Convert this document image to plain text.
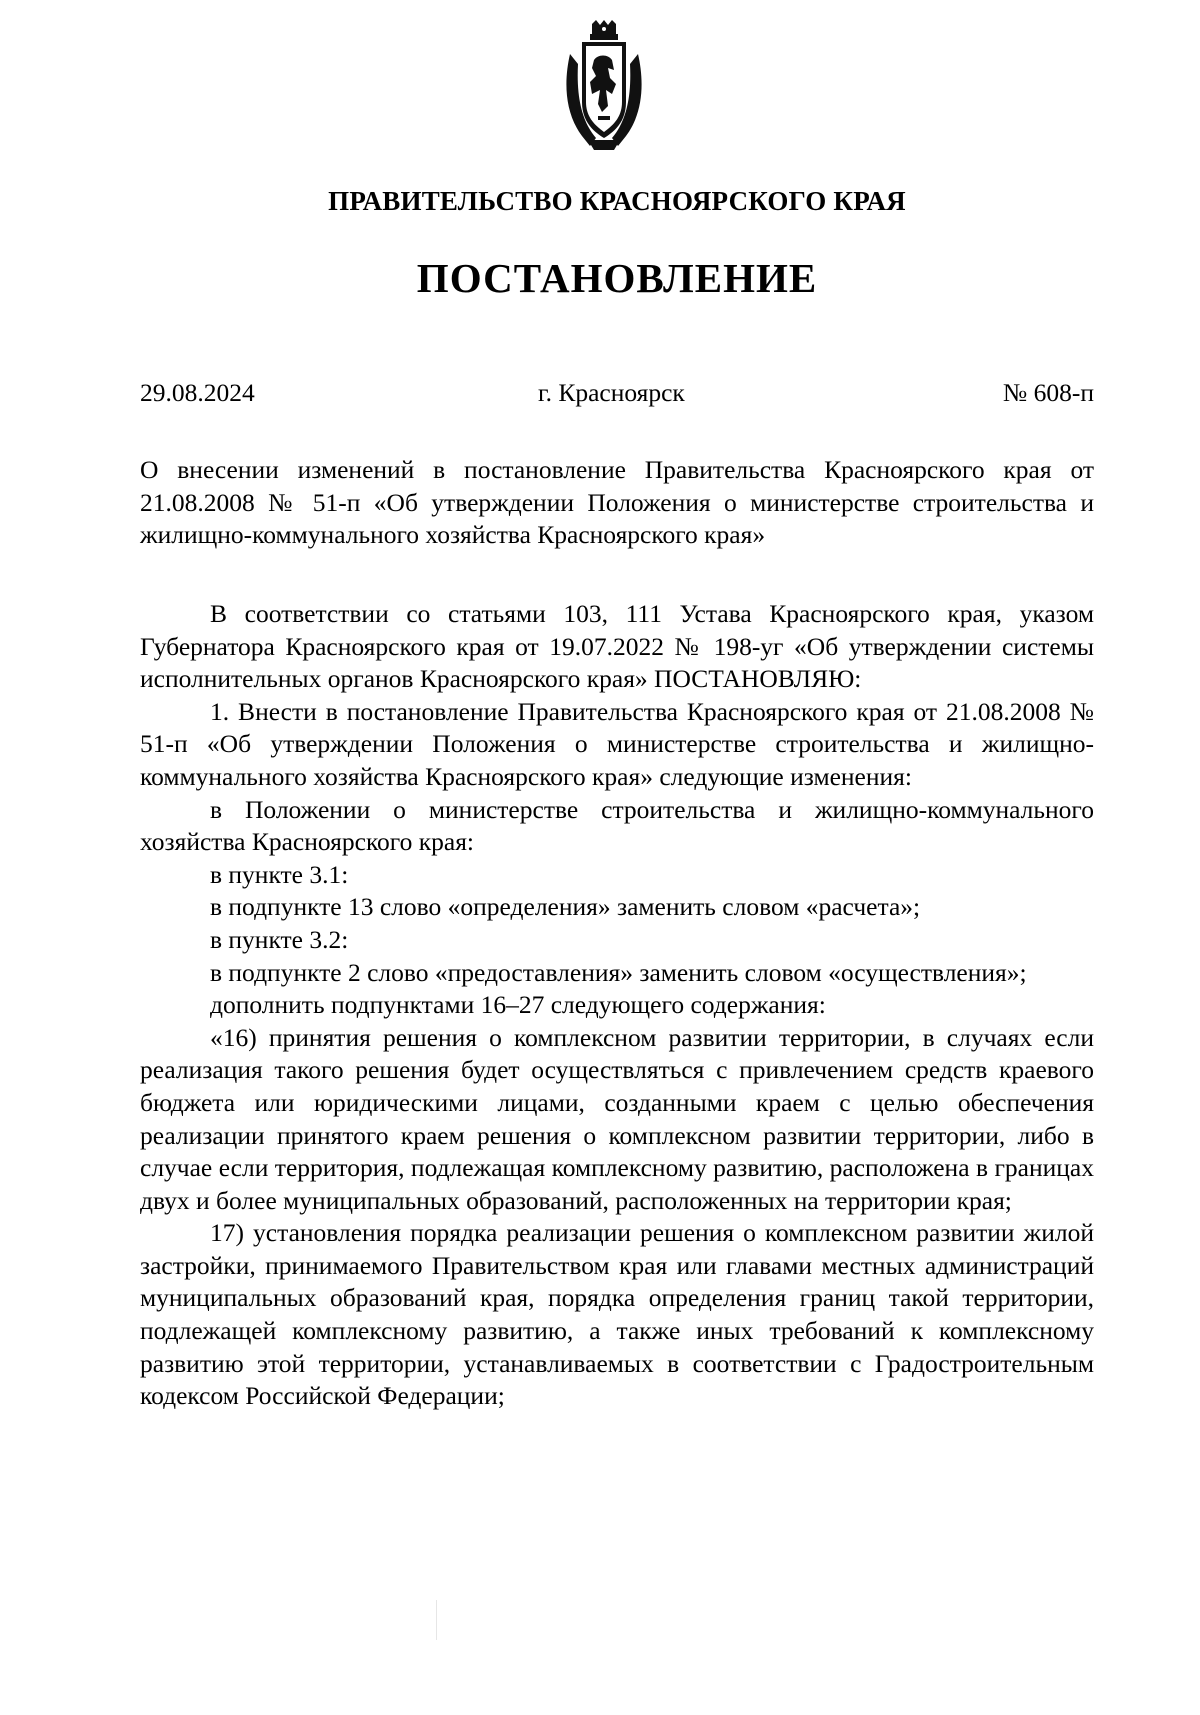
ПРАВИТЕЛЬСТВО КРАСНОЯРСКОГО КРАЯ
ПОСТАНОВЛЕНИЕ
29.08.2024	г. Красноярск	№ 608-п

О внесении изменений в постановление Правительства Красноярского края от 21.08.2008 № 51-п «Об утверждении Положения о министерстве строительства и жилищно-коммунального хозяйства Красноярского края»

В соответствии со статьями 103, 111 Устава Красноярского края, указом Губернатора Красноярского края от 19.07.2022 № 198-уг «Об утверждении системы исполнительных органов Красноярского края» ПОСТАНОВЛЯЮ:

1. Внести в постановление Правительства Красноярского края от 21.08.2008 № 51-п «Об утверждении Положения о министерстве строительства и жилищно-коммунального хозяйства Красноярского края» следующие изменения:

в Положении о министерстве строительства и жилищно-коммунального хозяйства Красноярского края:

в пункте 3.1:

в подпункте 13 слово «определения» заменить словом «расчета»;

в пункте 3.2:

в подпункте 2 слово «предоставления» заменить словом «осуществления»;

дополнить подпунктами 16–27 следующего содержания:

«16) принятия решения о комплексном развитии территории, в случаях если реализация такого решения будет осуществляться с привлечением средств краевого бюджета или юридическими лицами, созданными краем с целью обеспечения реализации принятого краем решения о комплексном развитии территории, либо в случае если территория, подлежащая комплексному развитию, расположена в границах двух и более муниципальных образований, расположенных на территории края;

17) установления порядка реализации решения о комплексном развитии жилой застройки, принимаемого Правительством края или главами местных администраций муниципальных образований края, порядка определения границ такой территории, подлежащей комплексному развитию, а также иных требований к комплексному развитию этой территории, устанавливаемых в соответствии с Градостроительным кодексом Российской Федерации;
